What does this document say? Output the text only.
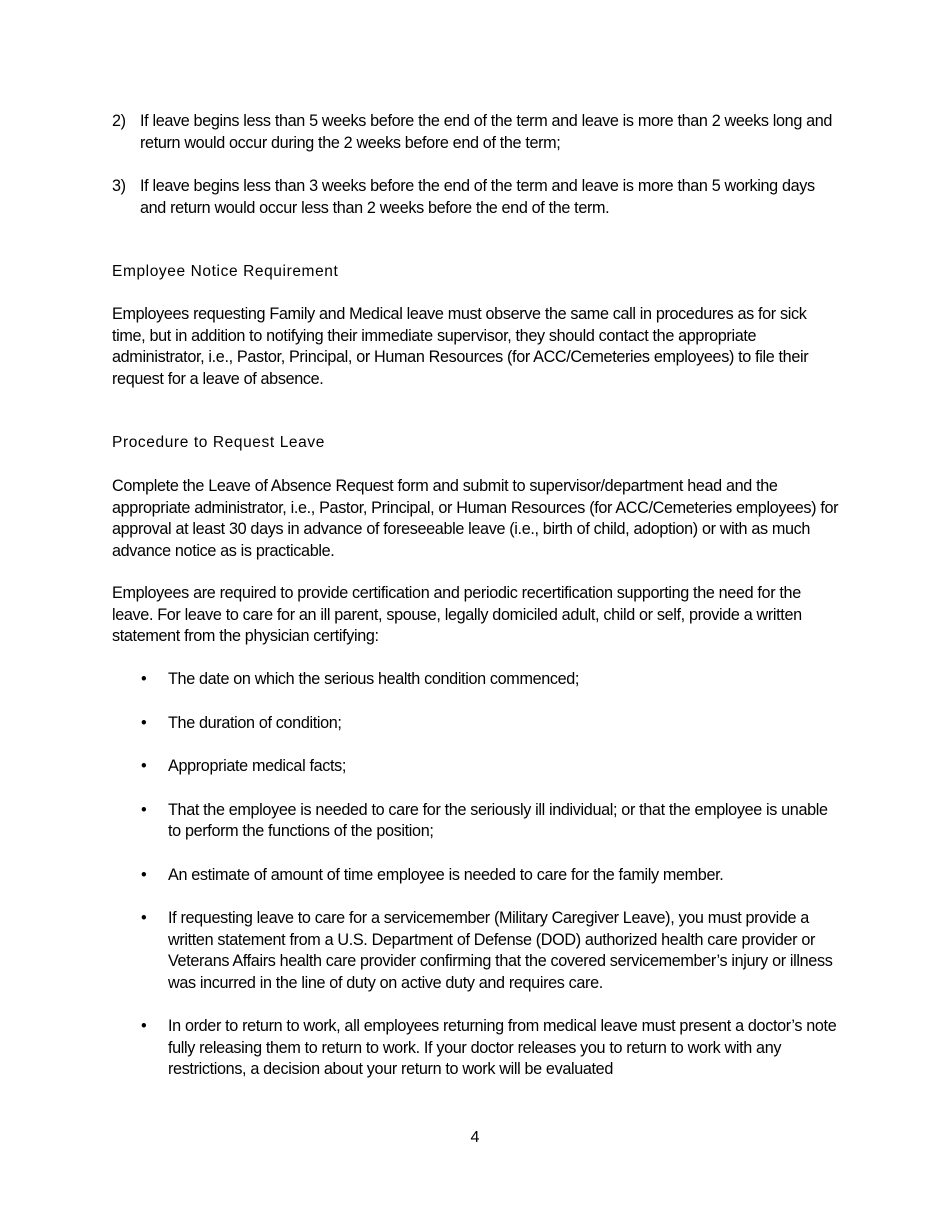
2) If leave begins less than 5 weeks before the end of the term and leave is more than 2 weeks long and return would occur during the 2 weeks before end of the term;
3) If leave begins less than 3 weeks before the end of the term and leave is more than 5 working days and return would occur less than 2 weeks before the end of the term.
Employee Notice Requirement
Employees requesting Family and Medical leave must observe the same call in procedures as for sick time, but in addition to notifying their immediate supervisor, they should contact the appropriate administrator, i.e., Pastor, Principal, or Human Resources (for ACC/Cemeteries employees) to file their request for a leave of absence.
Procedure to Request Leave
Complete the Leave of Absence Request form and submit to supervisor/department head and the appropriate administrator, i.e., Pastor, Principal, or Human Resources (for ACC/Cemeteries employees) for approval at least 30 days in advance of foreseeable leave (i.e., birth of child, adoption) or with as much advance notice as is practicable.
Employees are required to provide certification and periodic recertification supporting the need for the leave. For leave to care for an ill parent, spouse, legally domiciled adult, child or self, provide a written statement from the physician certifying:
• The date on which the serious health condition commenced;
• The duration of condition;
• Appropriate medical facts;
• That the employee is needed to care for the seriously ill individual; or that the employee is unable to perform the functions of the position;
• An estimate of amount of time employee is needed to care for the family member.
• If requesting leave to care for a servicemember (Military Caregiver Leave), you must provide a written statement from a U.S. Department of Defense (DOD) authorized health care provider or Veterans Affairs health care provider confirming that the covered servicemember’s injury or illness was incurred in the line of duty on active duty and requires care.
• In order to return to work, all employees returning from medical leave must present a doctor’s note fully releasing them to return to work. If your doctor releases you to return to work with any restrictions, a decision about your return to work will be evaluated
4
